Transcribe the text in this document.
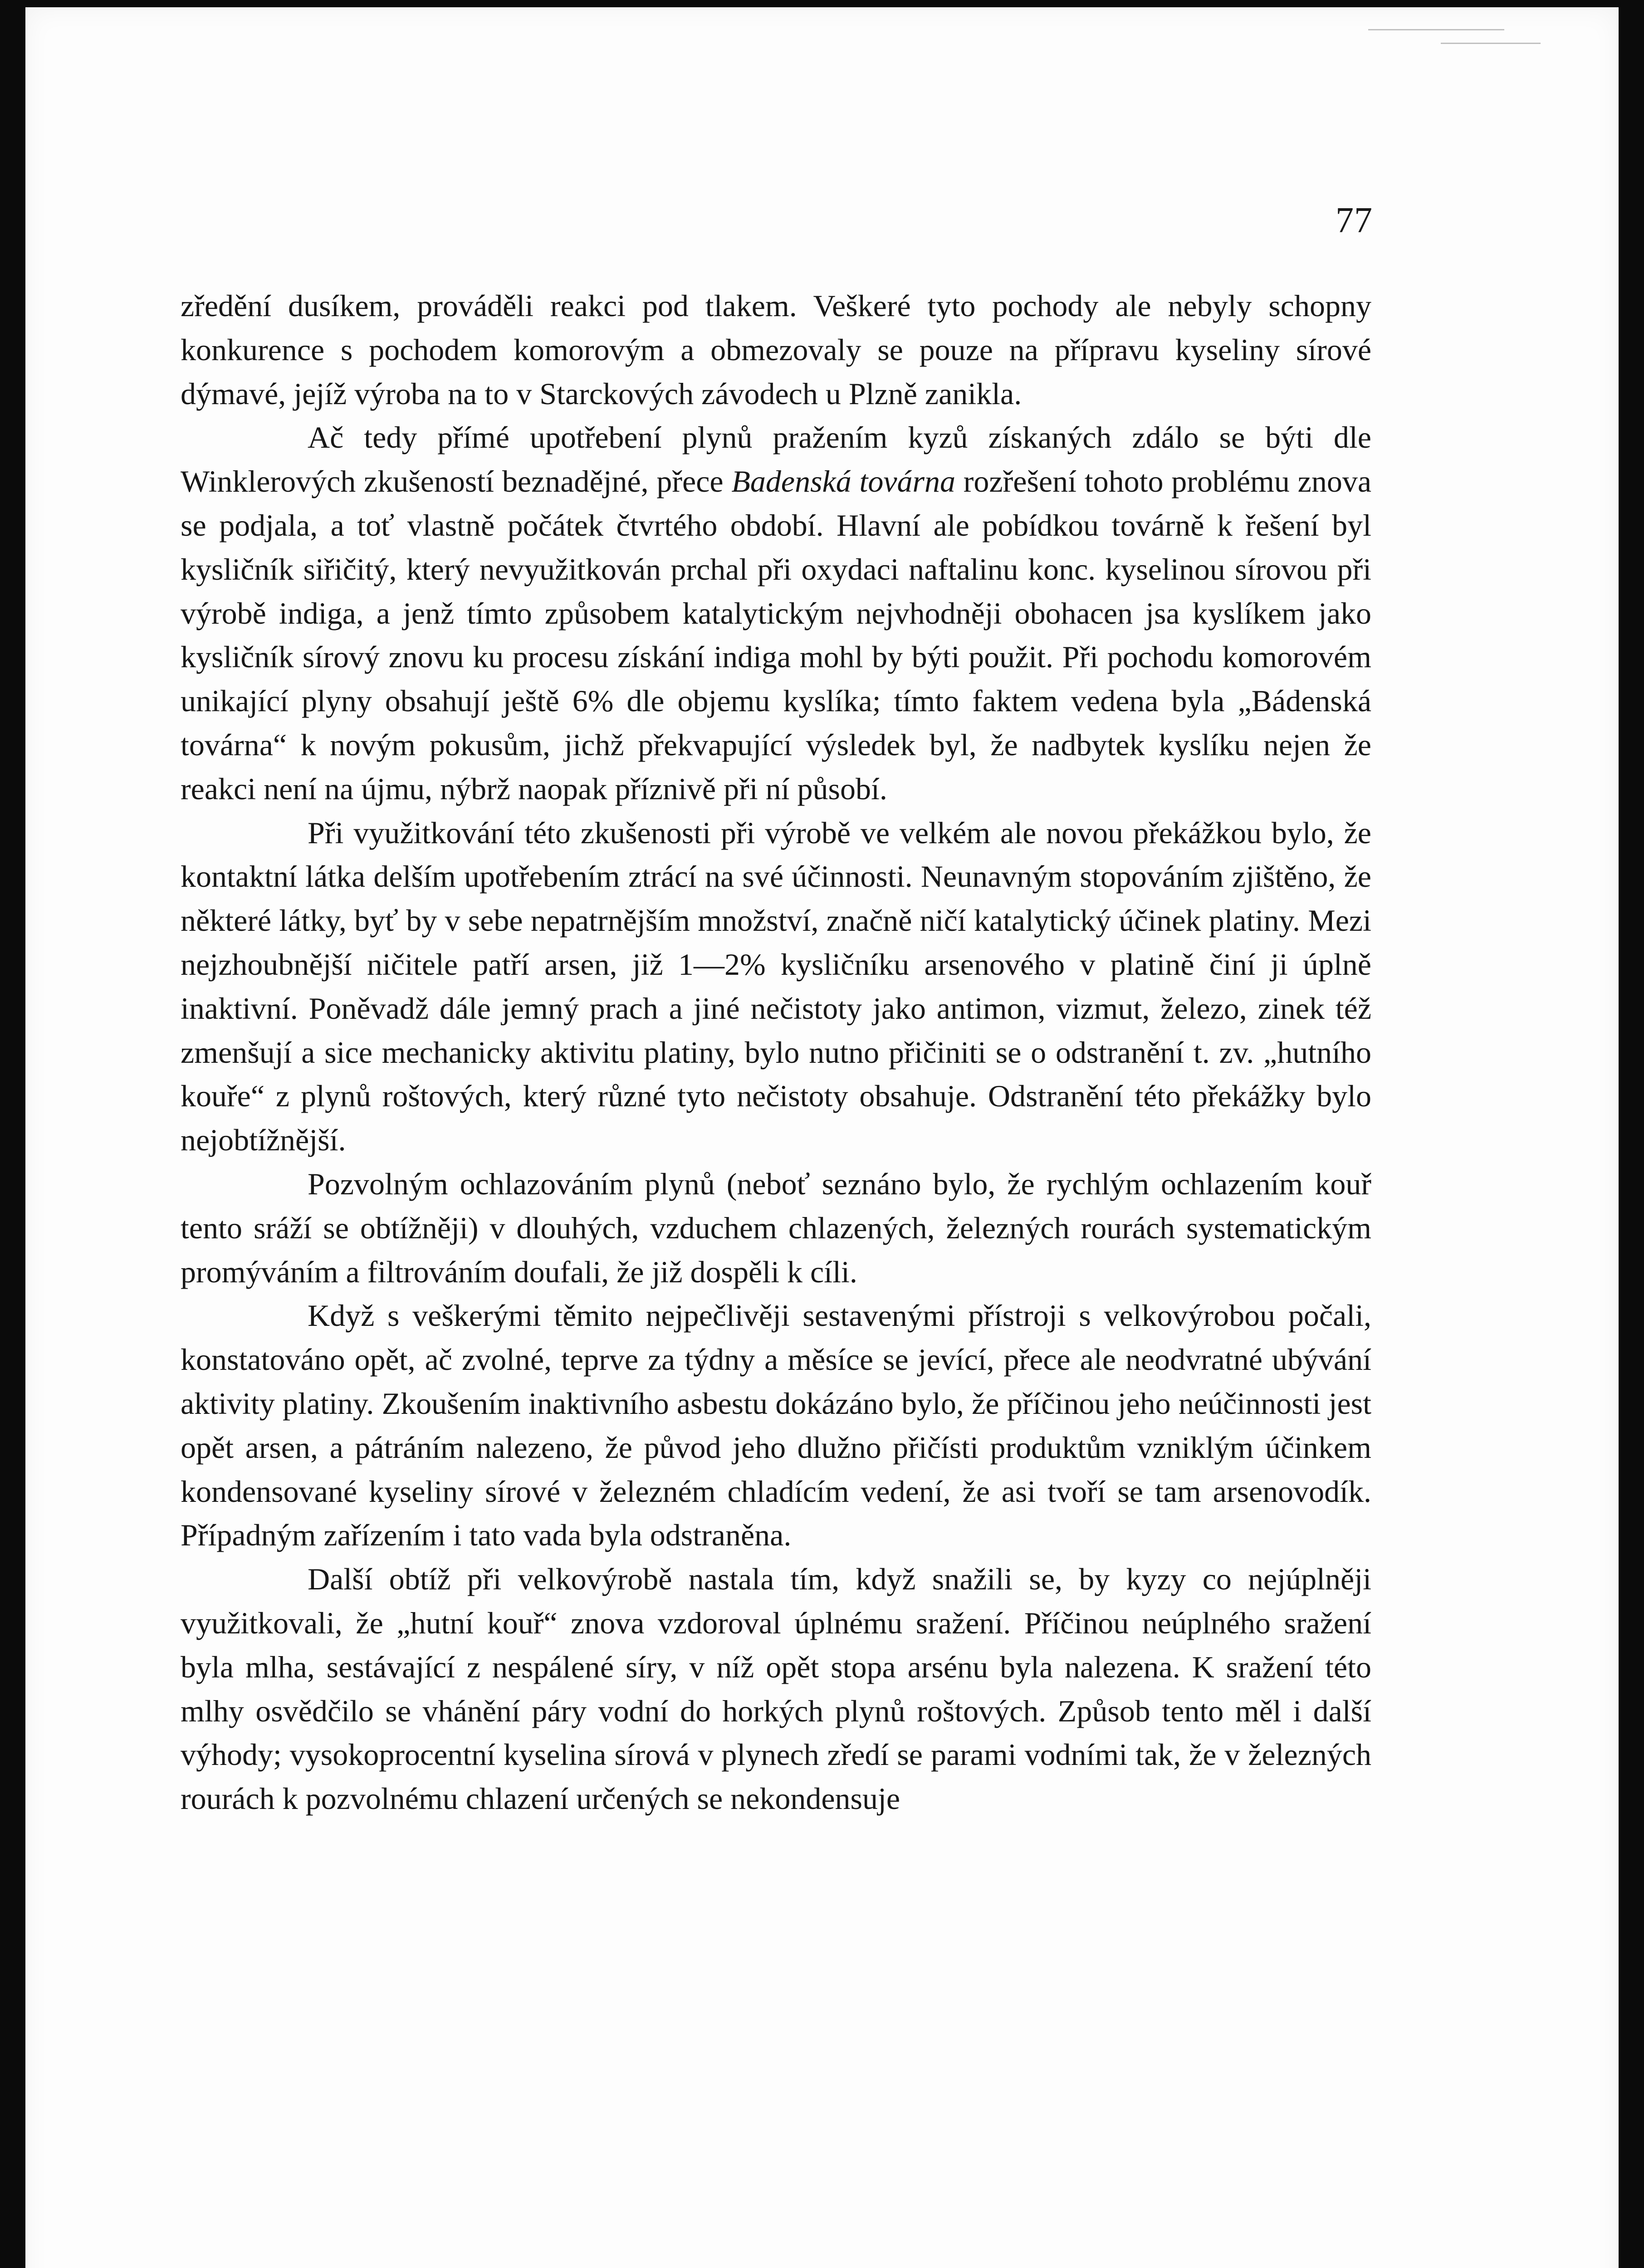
77

zředění dusíkem, prováděli reakci pod tlakem. Veškeré tyto pochody ale nebyly schopny konkurence s pochodem komorovým a obmezovaly se pouze na přípravu kyseliny sírové dýmavé, jejíž výroba na to v Starckových závodech u Plzně zanikla.

Ač tedy přímé upotřebení plynů pražením kyzů získaných zdálo se býti dle Winklerových zkušeností beznadějné, přece Badenská továrna rozřešení tohoto problému znova se podjala, a toť vlastně počátek čtvrtého období. Hlavní ale pobídkou továrně k řešení byl kysličník siřičitý, který nevyužitkován prchal při oxydaci naftalinu konc. kyselinou sírovou při výrobě indiga, a jenž tímto způsobem katalytickým nejvhodněji obohacen jsa kyslíkem jako kysličník sírový znovu ku procesu získání indiga mohl by býti použit. Při pochodu komorovém unikající plyny obsahují ještě 6% dle objemu kyslíka; tímto faktem vedena byla „Bádenská továrna“ k novým pokusům, jichž překvapující výsledek byl, že nadbytek kyslíku nejen že reakci není na újmu, nýbrž naopak příznivě při ní působí.

Při využitkování této zkušenosti při výrobě ve velkém ale novou překážkou bylo, že kontaktní látka delším upotřebením ztrácí na své účinnosti. Neunavným stopováním zjištěno, že některé látky, byť by v sebe nepatrnějším množství, značně ničí katalytický účinek platiny. Mezi nejzhoubnější ničitele patří arsen, již 1—2% kysličníku arsenového v platině činí ji úplně inaktivní. Poněvadž dále jemný prach a jiné nečistoty jako antimon, vizmut, železo, zinek též zmenšují a sice mechanicky aktivitu platiny, bylo nutno přičiniti se o odstranění t. zv. „hutního kouře“ z plynů roštových, který různé tyto nečistoty obsahuje. Odstranění této překážky bylo nejobtížnější.

Pozvolným ochlazováním plynů (neboť seznáno bylo, že rychlým ochlazením kouř tento sráží se obtížněji) v dlouhých, vzduchem chlazených, železných rourách systematickým promýváním a filtrováním doufali, že již dospěli k cíli.

Když s veškerými těmito nejpečlivěji sestavenými přístroji s velkovýrobou počali, konstatováno opět, ač zvolné, teprve za týdny a měsíce se jevící, přece ale neodvratné ubývání aktivity platiny. Zkoušením inaktivního asbestu dokázáno bylo, že příčinou jeho neúčinnosti jest opět arsen, a pátráním nalezeno, že původ jeho dlužno přičísti produktům vzniklým účinkem kondensované kyseliny sírové v železném chladícím vedení, že asi tvoří se tam arsenovodík. Případným zařízením i tato vada byla odstraněna.

Další obtíž při velkovýrobě nastala tím, když snažili se, by kyzy co nejúplněji využitkovali, že „hutní kouř“ znova vzdoroval úplnému sražení. Příčinou neúplného sražení byla mlha, sestávající z nespálené síry, v níž opět stopa arsénu byla nalezena. K sražení této mlhy osvědčilo se vhánění páry vodní do horkých plynů roštových. Způsob tento měl i další výhody; vysokoprocentní kyselina sírová v plynech zředí se parami vodními tak, že v železných rourách k pozvolnému chlazení určených se nekondensuje
